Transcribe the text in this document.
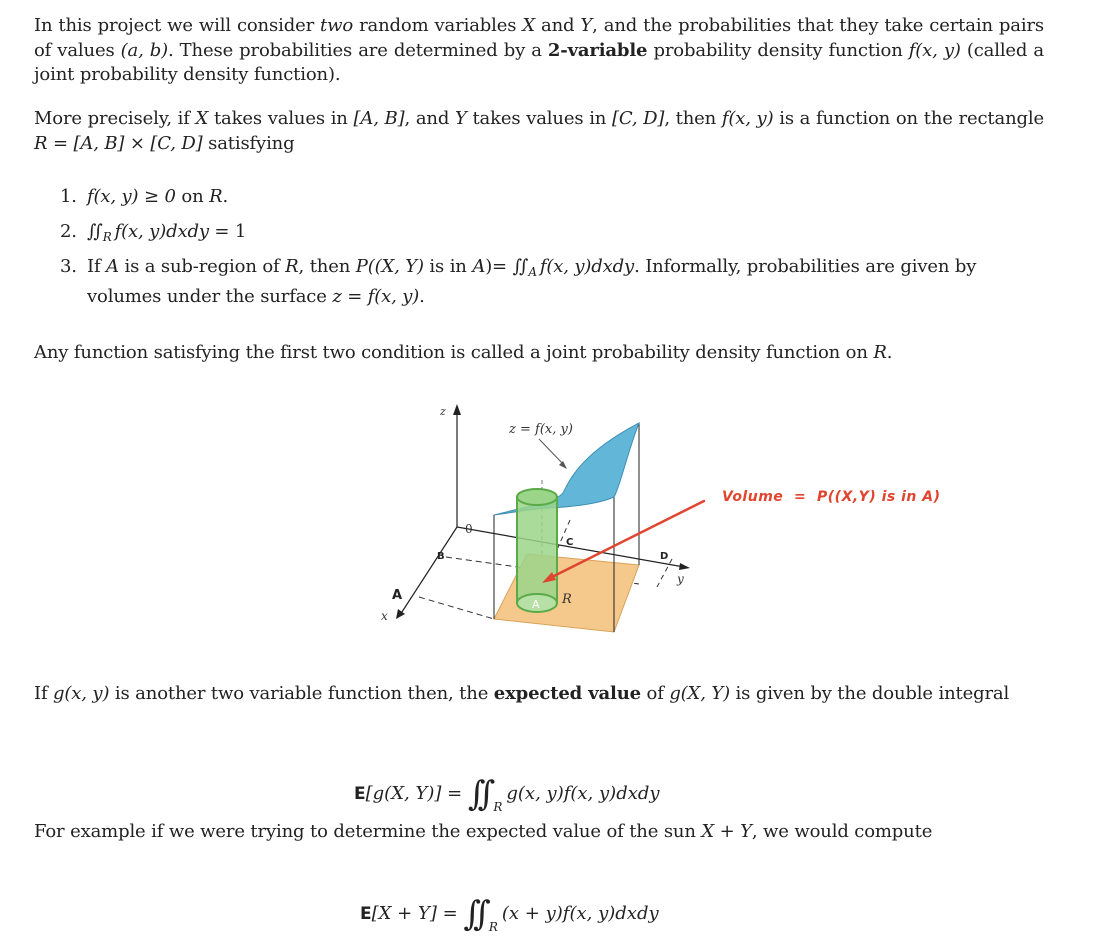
In this project we will consider two random variables X and Y, and the probabilities that they take certain pairs of values (a, b). These probabilities are determined by a 2-variable probability density function f(x, y) (called a joint probability density function).

More precisely, if X takes values in [A, B], and Y takes values in [C, D], then f(x, y) is a function on the rectangle R = [A, B] × [C, D] satisfying

1. f(x, y) ≥ 0 on R.
2. ∫∫ $_R$ f(x, y)dxdy = 1
3. If A is a sub-region of R, then P((X, Y) is in A)= ∫∫ $_A$ f(x, y)dxdy. Informally, probabilities are given by volumes under the surface z = f(x, y).

Any function satisfying the first two condition is called a joint probability density function on R.

z
y
x
0
R
z = f(x, y)
A
A
B
C
D
Volume  =  P((X,Y) is in A)

If g(x, y) is another two variable function then, the expected value of g(X, Y) is given by the double integral

E[g(X, Y)] = ∫∫ $_R$g(x, y)f(x, y)dxdy

For example if we were trying to determine the expected value of the sun X + Y, we would compute

E[X + Y] = ∫∫ $_R$(x + y)f(x, y)dxdy
